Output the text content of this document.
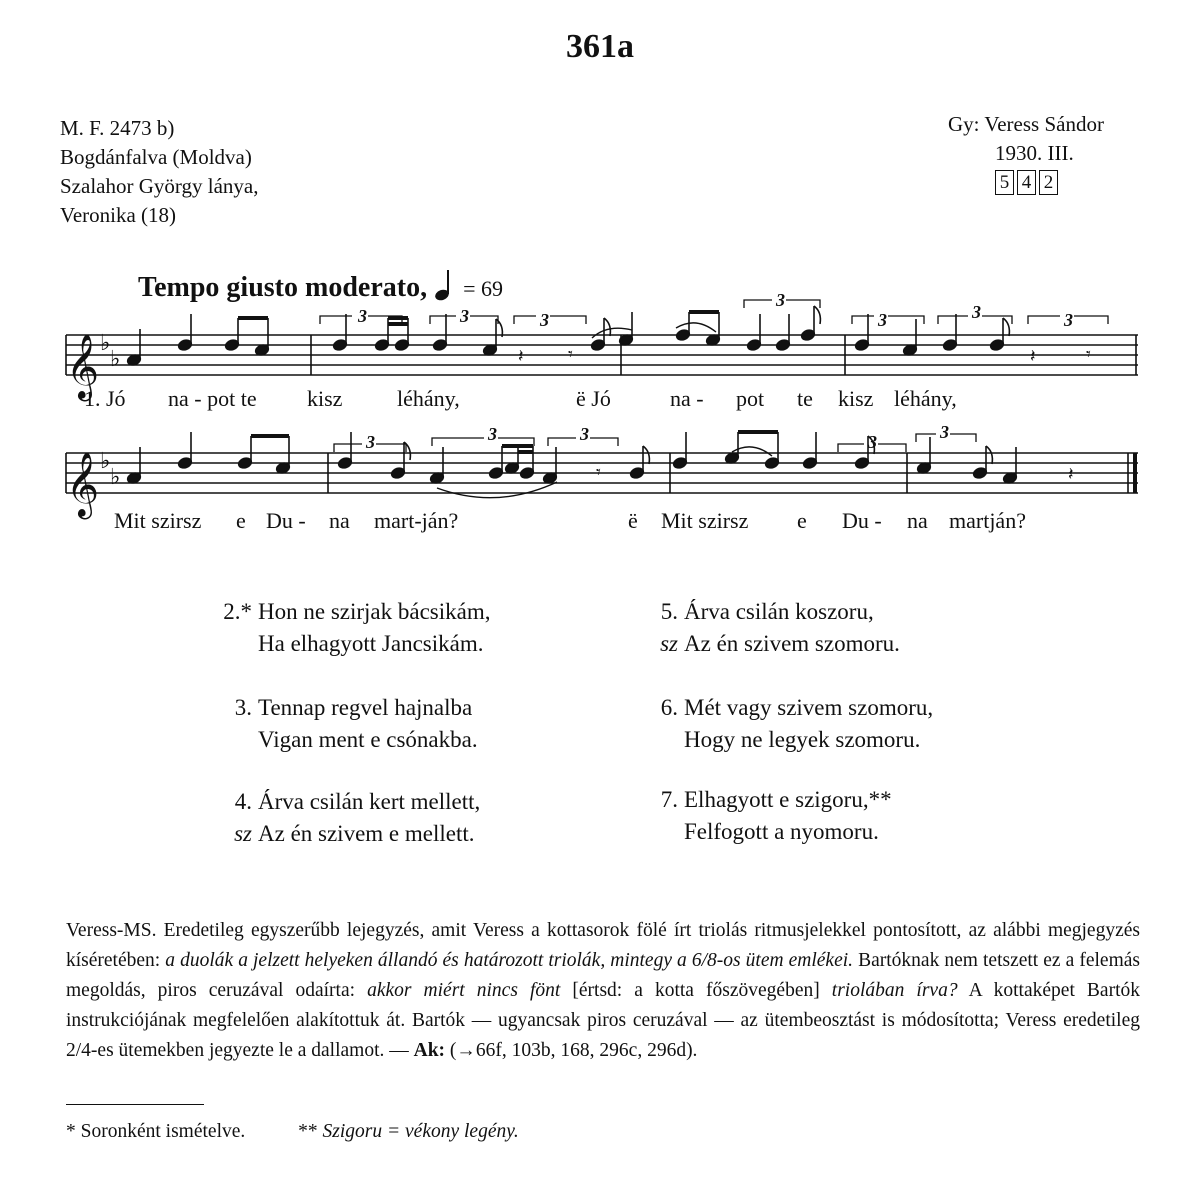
361a
M. F. 2473 b)
Bogdánfalva (Moldva)
Szalahor György lánya,
Veronika (18)
Gy: Veress Sándor
1930. III.
5 4 2
Tempo giusto moderato, = 69
𝄞
𝄞
♭
♭
♭
♭
𝄽 𝄾	𝄽	𝄾
𝄾	𝄽
3	3	3
3
3	3	3
3	3	3	3	3
1. Jó na - pot te kisz léhány,	ë Jó	na - pot te kisz léhány,
Mit szirsz e Du - na mart-ján?	ë Mit szirsz e Du - na martján?
2.* Hon ne szirjak bácsikám,
Ha elhagyott Jancsikám.
3. Tennap regvel hajnalba
Vigan ment e csónakba.
4. Árva csilán kert mellett,
sz Az én szivem e mellett.
5. Árva csilán koszoru,
sz Az én szivem szomoru.
6. Mét vagy szivem szomoru,
Hogy ne legyek szomoru.
7. Elhagyott e szigoru,**
Felfogott a nyomoru.
Veress-MS. Eredetileg egyszerűbb lejegyzés, amit Veress a kottasorok fölé írt triolás ritmusjelekkel pontosított, az alábbi megjegyzés kíséretében: a duolák a jelzett helyeken állandó és határozott triolák, mintegy a 6/8-os ütem emlékei. Bartóknak nem tetszett ez a felemás megoldás, piros ceruzával odaírta: akkor miért nincs fönt [értsd: a kotta főszövegében] triolában írva? A kottaképet Bartók instrukciójának megfelelően alakítottuk át. Bartók — ugyancsak piros ceruzával — az ütembeosztást is módosította; Veress eredetileg 2/4-es ütemekben jegyezte le a dallamot. — Ak: (→66f, 103b, 168, 296c, 296d).
* Soronként ismételve.	** Szigoru = vékony legény.
